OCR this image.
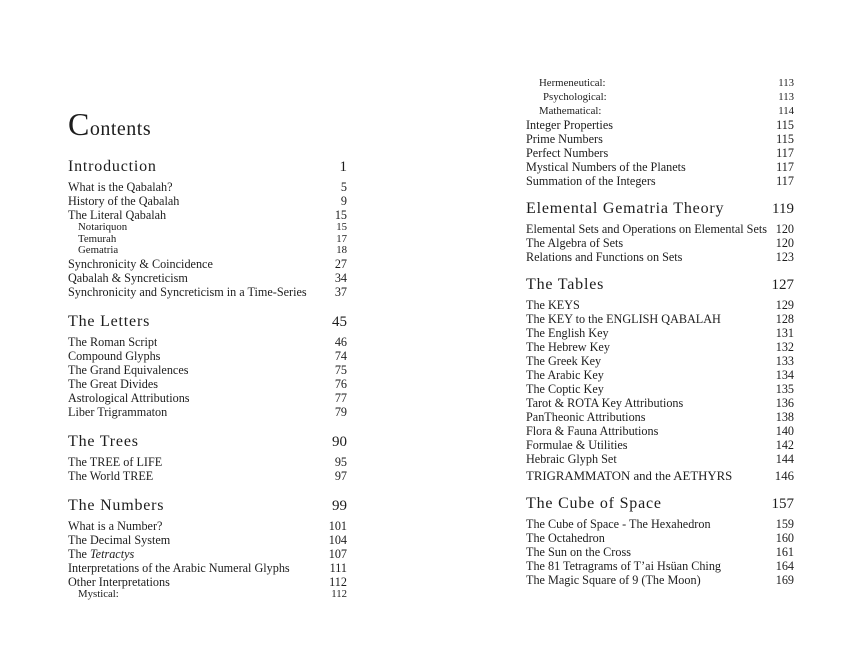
Contents
Introduction	1
What is the Qabalah?	5
History of the Qabalah	9
The Literal Qabalah	15
Notariquon	15
Temurah	17
Gematria	18
Synchronicity & Coincidence	27
Qabalah & Syncreticism	34
Synchronicity and Syncreticism in a Time-Series	37
The Letters	45
The Roman Script	46
Compound Glyphs	74
The Grand Equivalences	75
The Great Divides	76
Astrological Attributions	77
Liber Trigrammaton	79
The Trees	90
The TREE of LIFE	95
The World TREE	97
The Numbers	99
What is a Number?	101
The Decimal System	104
The Tetractys	107
Interpretations of the Arabic Numeral Glyphs	111
Other Interpretations	112
Mystical:	112
Hermeneutical:	113
Psychological:	113
Mathematical:	114
Integer Properties	115
Prime Numbers	115
Perfect Numbers	117
Mystical Numbers of the Planets	117
Summation of the Integers	117
Elemental Gematria Theory	119
Elemental Sets and Operations on Elemental Sets 120
The Algebra of Sets	120
Relations and Functions on Sets	123
The Tables	127
The KEYS	129
The KEY to the ENGLISH QABALAH	128
The English Key	131
The Hebrew Key	132
The Greek Key	133
The Arabic Key	134
The Coptic Key	135
Tarot & ROTA Key Attributions	136
PanTheonic Attributions	138
Flora & Fauna Attributions	140
Formulae & Utilities	142
Hebraic Glyph Set	144
TRIGRAMMATON and the AETHYRS	146
The Cube of Space	157
The Cube of Space - The Hexahedron	159
The Octahedron	160
The Sun on the Cross	161
The 81 Tetragrams of T’ai Hsüan Ching	164
The Magic Square of 9 (The Moon)	169
